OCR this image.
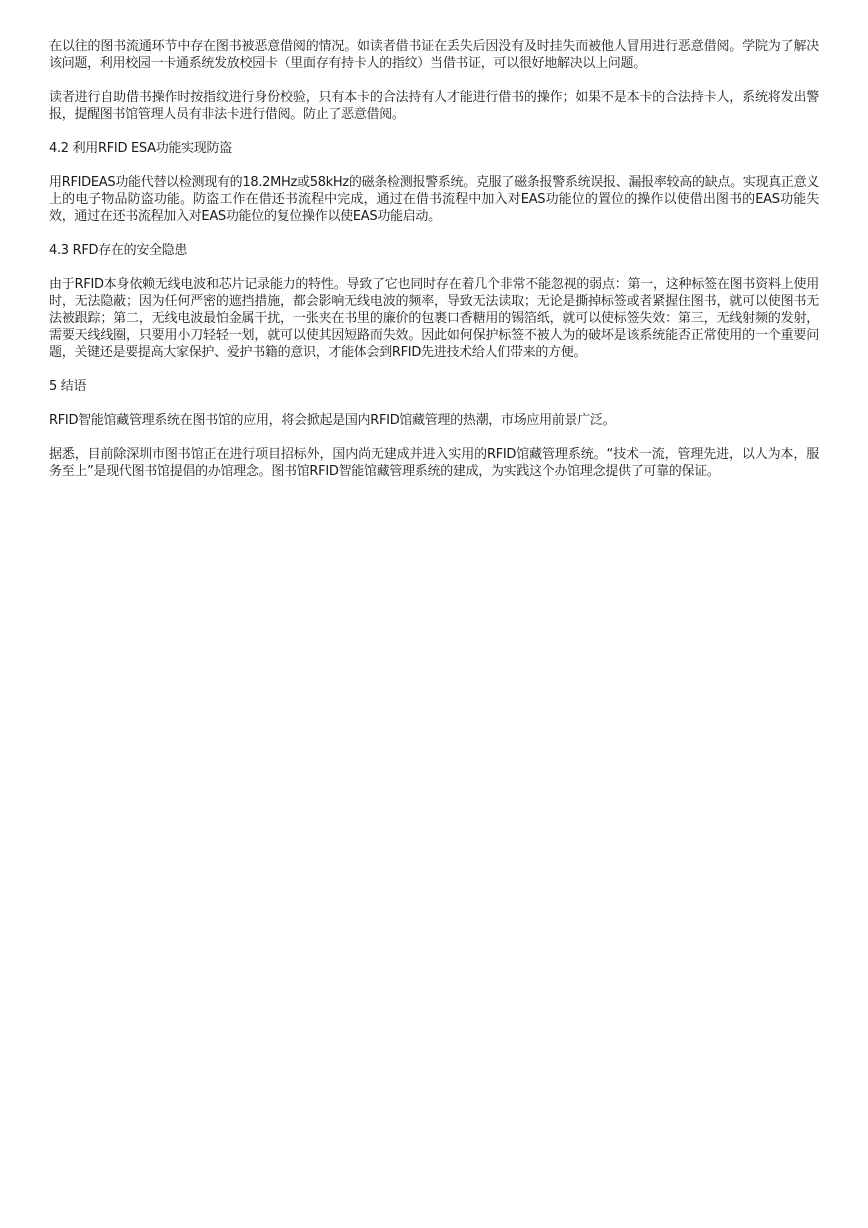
在以往的图书流通环节中存在图书被恶意借阅的情况。如读者借书证在丢失后因没有及时挂失而被他人冒用进行恶意借阅。学院为了解决该问题，利用校园一卡通系统发放校园卡（里面存有持卡人的指纹）当借书证，可以很好地解决以上问题。

读者进行自助借书操作时按指纹进行身份校验，只有本卡的合法持有人才能进行借书的操作；如果不是本卡的合法持卡人，系统将发出警报，提醒图书馆管理人员有非法卡进行借阅。防止了恶意借阅。

4.2 利用RFID ESA功能实现防盗

用RFIDEAS功能代替以检测现有的18.2MHz或58kHz的磁条检测报警系统。克服了磁条报警系统误报、漏报率较高的缺点。实现真正意义上的电子物品防盗功能。防盗工作在借还书流程中完成，通过在借书流程中加入对EAS功能位的置位的操作以使借出图书的EAS功能失效，通过在还书流程加入对EAS功能位的复位操作以使EAS功能启动。

4.3 RFD存在的安全隐患

由于RFID本身依赖无线电波和芯片记录能力的特性。导致了它也同时存在着几个非常不能忽视的弱点：第一，这种标签在图书资料上使用时，无法隐蔽；因为任何严密的遮挡措施，都会影响无线电波的频率，导致无法读取；无论是撕掉标签或者紧握住图书，就可以使图书无法被跟踪；第二，无线电波最怕金属干扰，一张夹在书里的廉价的包裹口香糖用的锡箔纸，就可以使标签失效：第三，无线射频的发射，需要天线线圈，只要用小刀轻轻一划，就可以使其因短路而失效。因此如何保护标签不被人为的破坏是该系统能否正常使用的一个重要问题，关键还是要提高大家保护、爱护书籍的意识，才能体会到RFID先进技术给人们带来的方便。

5 结语

RFID智能馆藏管理系统在图书馆的应用，将会掀起是国内RFID馆藏管理的热潮，市场应用前景广泛。

据悉，目前除深圳市图书馆正在进行项目招标外，国内尚无建成并进入实用的RFID馆藏管理系统。“技术一流，管理先进，以人为本，服务至上”是现代图书馆提倡的办馆理念。图书馆RFID智能馆藏管理系统的建成，为实践这个办馆理念提供了可靠的保证。
